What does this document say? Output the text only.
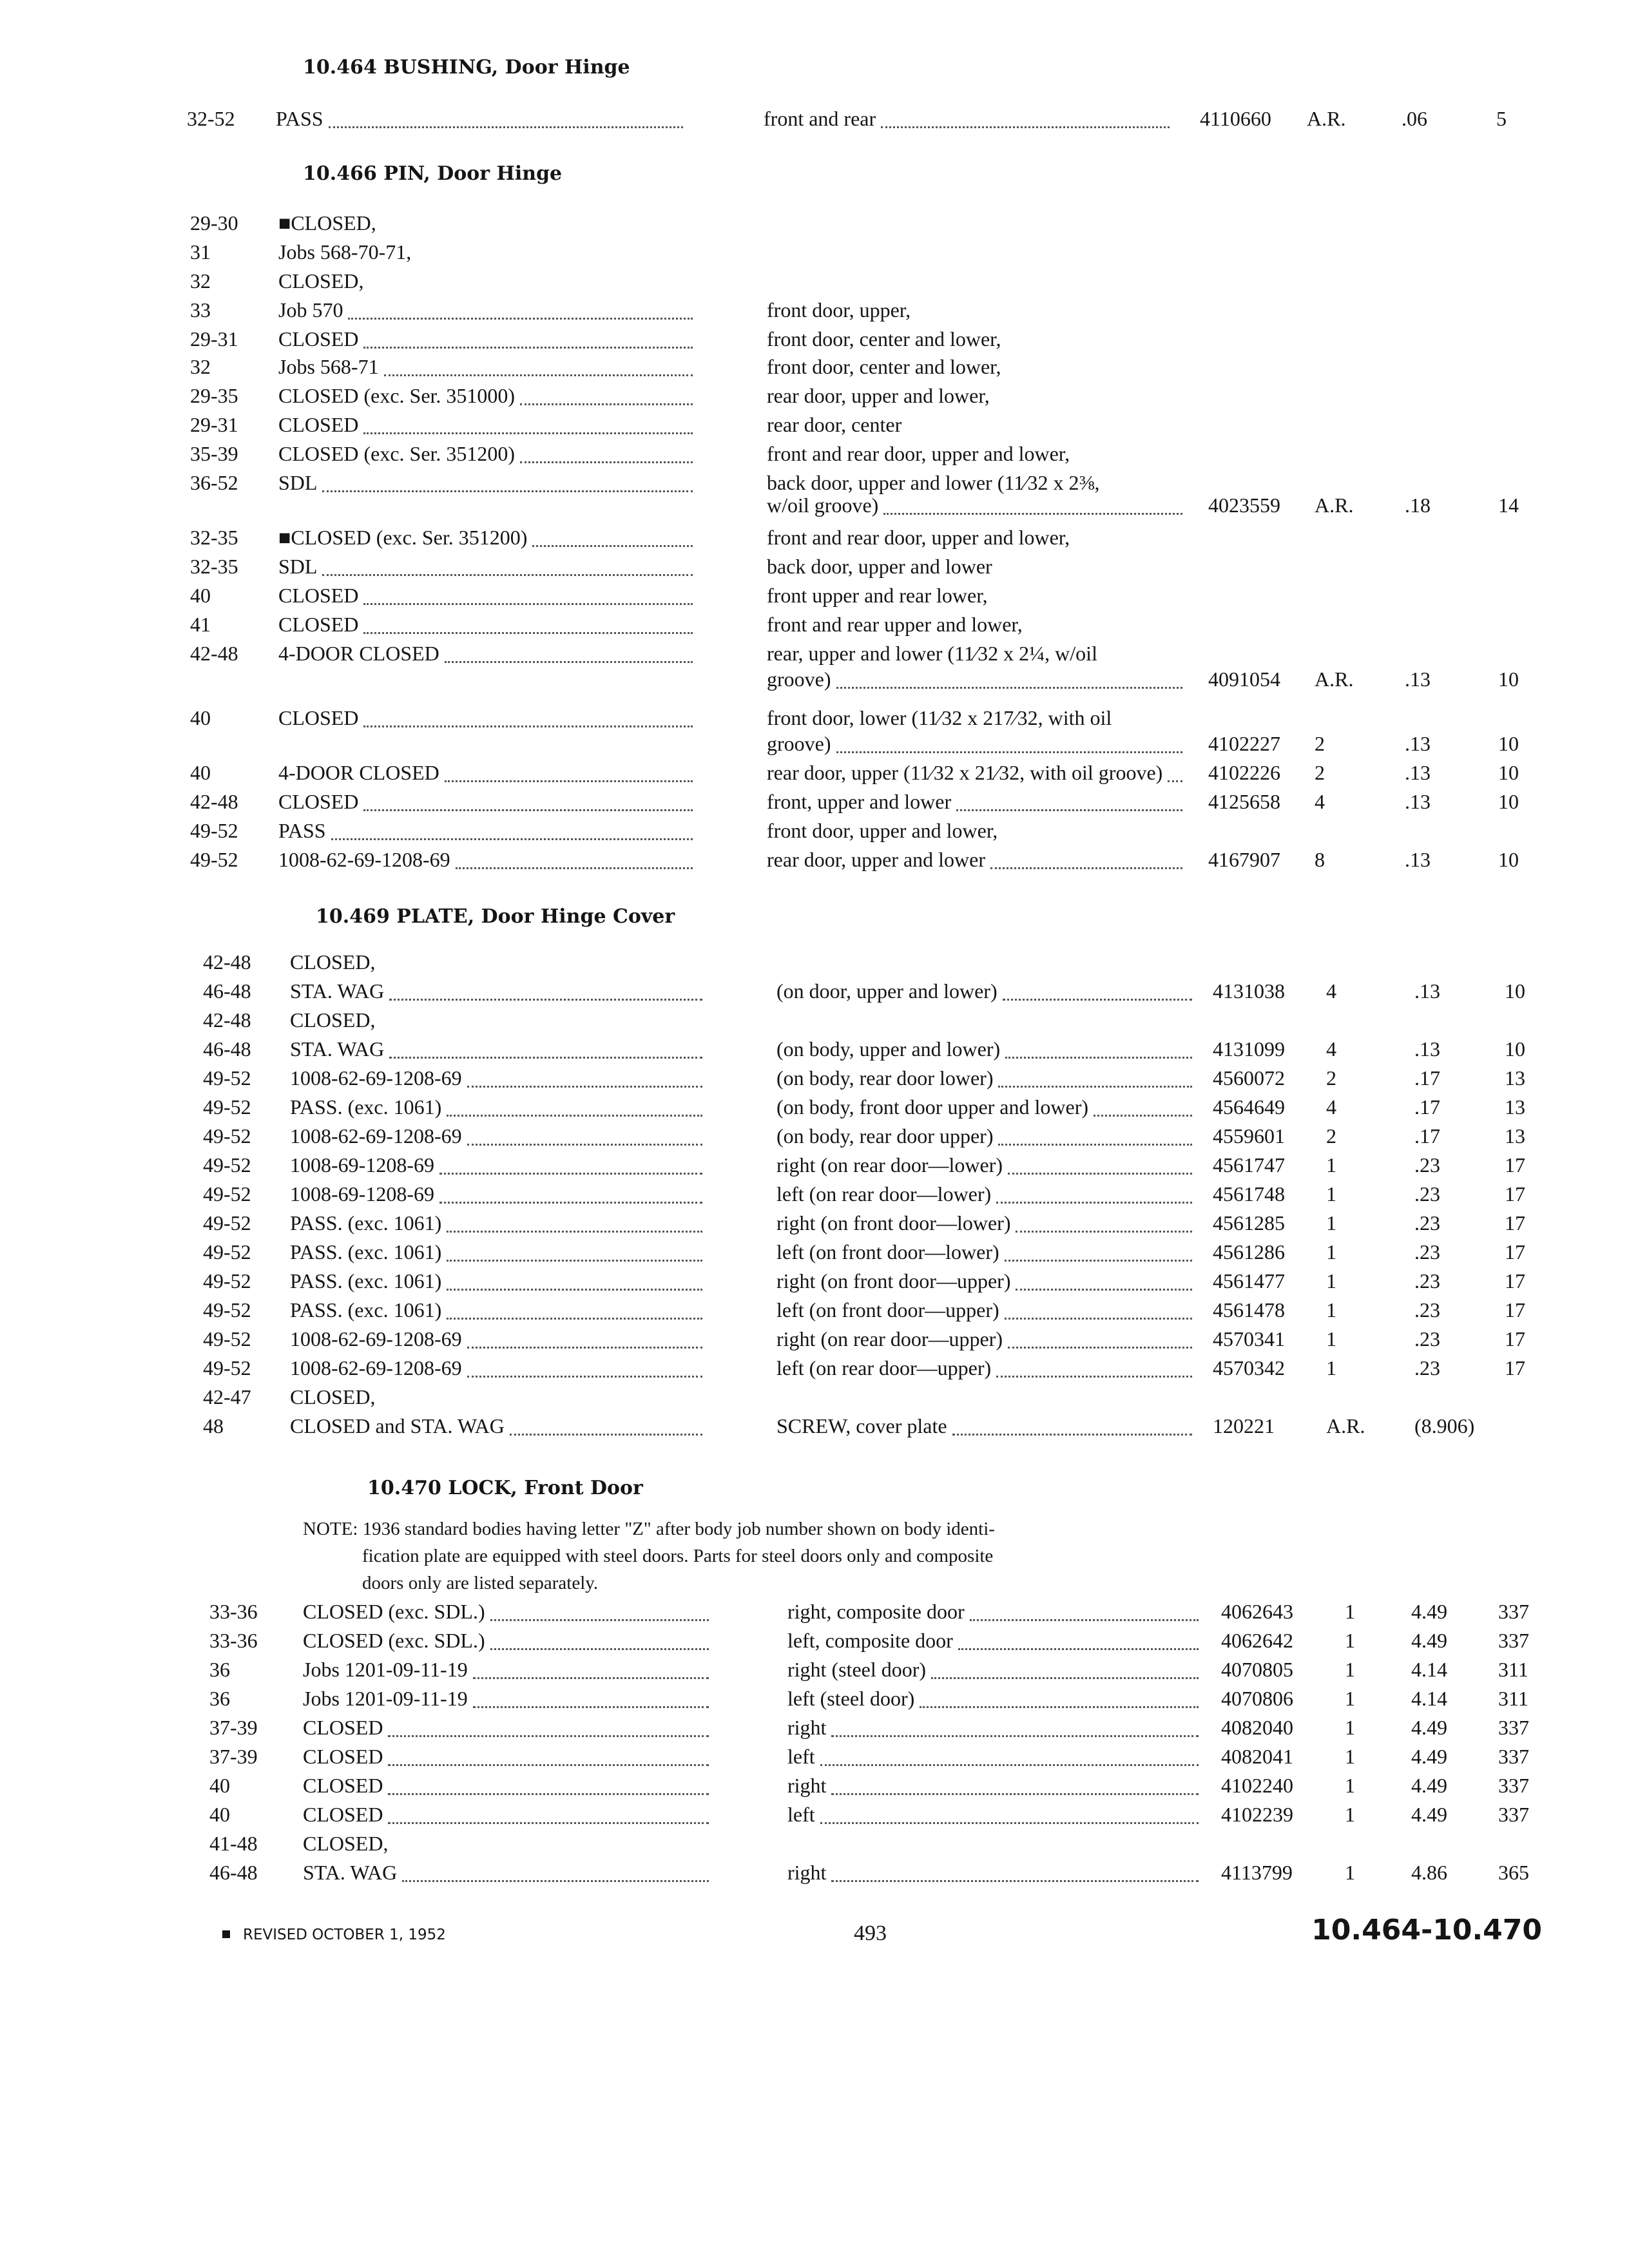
10.464 BUSHING, Door Hinge
32-52 PASS	front and rear	4110660 A.R.	.06	5
10.466 PIN, Door Hinge
29-30 ■CLOSED,
31	Jobs 568-70-71,
32	CLOSED,
33	Job 570	front door, upper,
29-31 CLOSED	front door, center and lower,
32	Jobs 568-71	front door, center and lower,
29-35 CLOSED (exc. Ser. 351000)	rear door, upper and lower,
29-31 CLOSED	rear door, center
35-39 CLOSED (exc. Ser. 351200)	front and rear door, upper and lower,
36-52 SDL	back door, upper and lower (11⁄32 x 2⅜,
w/oil groove)	4023559 A.R. .18	14
32-35 ■CLOSED (exc. Ser. 351200)	front and rear door, upper and lower,
32-35 SDL	back door, upper and lower
40	CLOSED	front upper and rear lower,
41	CLOSED	front and rear upper and lower,
42-48 4-DOOR CLOSED	rear, upper and lower (11⁄32 x 2¼, w/oil
groove)	4091054 A.R. .13	10
40	CLOSED	front door, lower (11⁄32 x 217⁄32, with oil
groove)	4102227 2	.13	10
40	4-DOOR CLOSED	rear door, upper (11⁄32 x 21⁄32, with oil groove) 4102226 2	.13	10
42-48 CLOSED	front, upper and lower	4125658 4	.13	10
49-52 PASS	front door, upper and lower,
49-52 1008-62-69-1208-69	rear door, upper and lower	4167907 8	.13	10
10.469 PLATE, Door Hinge Cover
42-48 CLOSED,
46-48 STA. WAG	(on door, upper and lower)	4131038 4	.13	10
42-48 CLOSED,
46-48 STA. WAG	(on body, upper and lower)	4131099 4	.13	10
49-52 1008-62-69-1208-69	(on body, rear door lower)	4560072 2	.17	13
49-52 PASS. (exc. 1061)	(on body, front door upper and lower)	4564649 4	.17	13
49-52 1008-62-69-1208-69	(on body, rear door upper)	4559601 2	.17	13
49-52 1008-69-1208-69	right (on rear door—lower)	4561747 1	.23	17
49-52 1008-69-1208-69	left (on rear door—lower)	4561748 1	.23	17
49-52 PASS. (exc. 1061)	right (on front door—lower)	4561285 1	.23	17
49-52 PASS. (exc. 1061)	left (on front door—lower)	4561286 1	.23	17
49-52 PASS. (exc. 1061)	right (on front door—upper)	4561477 1	.23	17
49-52 PASS. (exc. 1061)	left (on front door—upper)	4561478 1	.23	17
49-52 1008-62-69-1208-69	right (on rear door—upper)	4570341 1	.23	17
49-52 1008-62-69-1208-69	left (on rear door—upper)	4570342 1	.23	17
42-47 CLOSED,
48	CLOSED and STA. WAG	SCREW, cover plate	120221	A.R. (8.906)
10.470 LOCK, Front Door
NOTE: 1936 standard bodies having letter "Z" after body job number shown on body identi-
fication plate are equipped with steel doors. Parts for steel doors only and composite
doors only are listed separately.
33-36 CLOSED (exc. SDL.)	right, composite door	4062643	1	4.49 337
33-36 CLOSED (exc. SDL.)	left, composite door	4062642	1	4.49 337
36	Jobs 1201-09-11-19	right (steel door)	4070805	1	4.14 311
36	Jobs 1201-09-11-19	left (steel door)	4070806	1	4.14 311
37-39 CLOSED	right	4082040	1	4.49 337
37-39 CLOSED	left	4082041	1	4.49 337
40	CLOSED	right	4102240	1	4.49 337
40	CLOSED	left	4102239	1	4.49 337
41-48 CLOSED,
46-48 STA. WAG	right	4113799	1	4.86 365
REVISED OCTOBER 1, 1952	493	10.464-10.470
